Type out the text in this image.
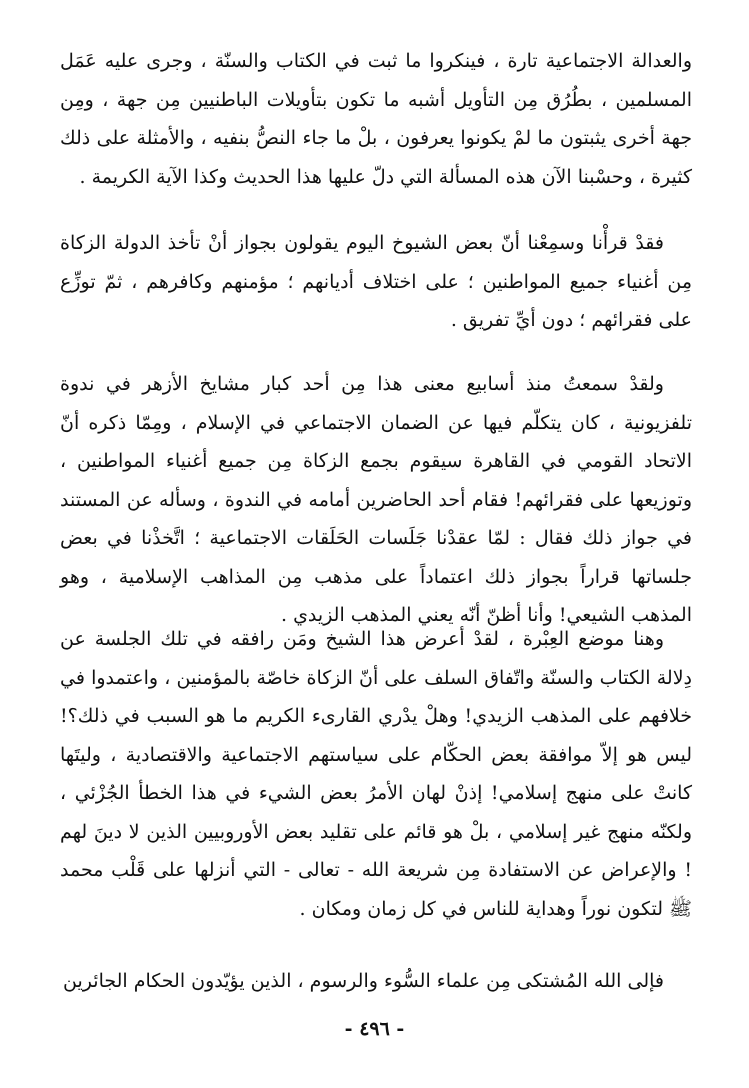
والعدالة الاجتماعية تارة ، فينكروا ما ثبت في الكتاب والسنّة ، وجرى عليه عَمَل المسلمين ، بطُرُق مِن التأويل أشبه ما تكون بتأويلات الباطنيين مِن جهة ، ومِن جهة أخرى يثبتون ما لمْ يكونوا يعرفون ، بلْ ما جاء النصُّ بنفيه ، والأمثلة على ذلك كثيرة ، وحسْبنا الآن هذه المسألة التي دلّ عليها هذا الحديث وكذا الآية الكريمة .

فقدْ قرأْنا وسمِعْنا أنّ بعض الشيوخ اليوم يقولون بجواز أنْ تأخذ الدولة الزكاة مِن أغنياء جميع المواطنين ؛ على اختلاف أديانهم ؛ مؤمنهم وكافرهم ، ثمّ توزِّع على فقرائهم ؛ دون أيِّ تفريق .

ولقدْ سمعتُ منذ أسابيع معنى هذا مِن أحد كبار مشايخ الأزهر في ندوة تلفزيونية ، كان يتكلّم فيها عن الضمان الاجتماعي في الإسلام ، ومِمّا ذكره أنّ الاتحاد القومي في القاهرة سيقوم بجمع الزكاة مِن جميع أغنياء المواطنين ، وتوزيعها على فقرائهم! فقام أحد الحاضرين أمامه في الندوة ، وسأله عن المستند في جواز ذلك فقال : لمّا عقدْنا جَلَسات الحَلَقات الاجتماعية ؛ اتَّخذْنا في بعض جلساتها قراراً بجواز ذلك اعتماداً على مذهب مِن المذاهب الإسلامية ، وهو المذهب الشيعي! وأنا أظنّ أنّه يعني المذهب الزيدي .

وهنا موضع العِبْرة ، لقدْ أعرض هذا الشيخ ومَن رافقه في تلك الجلسة عن دِلالة الكتاب والسنّة واتّفاق السلف على أنّ الزكاة خاصّة بالمؤمنين ، واعتمدوا في خلافهم على المذهب الزيدي! وهلْ يدْري القارىء الكريم ما هو السبب في ذلك؟! ليس هو إلاّ موافقة بعض الحكّام على سياستهم الاجتماعية والاقتصادية ، وليتَها كانتْ على منهج إسلامي! إذنْ لهان الأمرُ بعض الشيء في هذا الخطأ الجُزْئي ، ولكنّه منهج غير إسلامي ، بلْ هو قائم على تقليد بعض الأوروبيين الذين لا دينَ لهم ! والإعراض عن الاستفادة مِن شريعة الله - تعالى - التي أنزلها على قَلْب محمد ﷺ لتكون نوراً وهداية للناس في كل زمان ومكان .

فإلى الله المُشتكى مِن علماء السُّوء والرسوم ، الذين يؤيّدون الحكام الجائرين

- ٤٩٦ -
